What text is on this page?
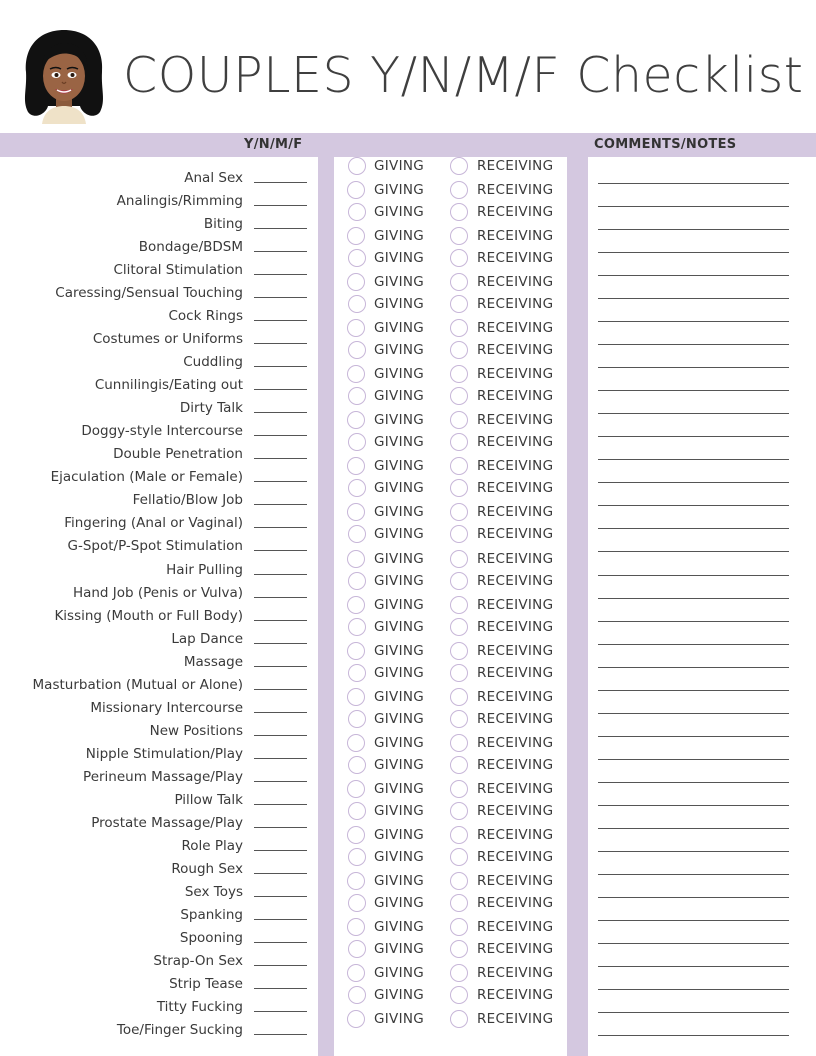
COUPLES Y/N/M/F Checklist
Y/N/M/F	COMMENTS/NOTES
Anal Sex
GIVING	RECEIVING
Analingis/Rimming
GIVING	RECEIVING
Biting
GIVING	RECEIVING
Bondage/BDSM
GIVING	RECEIVING
Clitoral Stimulation
GIVING	RECEIVING
Caressing/Sensual Touching
GIVING	RECEIVING
Cock Rings
GIVING	RECEIVING
Costumes or Uniforms
GIVING	RECEIVING
Cuddling
GIVING	RECEIVING
Cunnilingis/Eating out
GIVING	RECEIVING
Dirty Talk
GIVING	RECEIVING
Doggy-style Intercourse
GIVING	RECEIVING
Double Penetration
GIVING	RECEIVING
Ejaculation (Male or Female)
GIVING	RECEIVING
Fellatio/Blow Job
GIVING	RECEIVING
Fingering (Anal or Vaginal)
GIVING	RECEIVING
G-Spot/P-Spot Stimulation
GIVING	RECEIVING
Hair Pulling
GIVING	RECEIVING
Hand Job (Penis or Vulva)
GIVING	RECEIVING
Kissing (Mouth or Full Body)
GIVING	RECEIVING
Lap Dance
GIVING	RECEIVING
Massage
GIVING	RECEIVING
Masturbation (Mutual or Alone)
GIVING	RECEIVING
Missionary Intercourse
GIVING	RECEIVING
New Positions
GIVING	RECEIVING
Nipple Stimulation/Play
GIVING	RECEIVING
Perineum Massage/Play
GIVING	RECEIVING
Pillow Talk
GIVING	RECEIVING
Prostate Massage/Play
GIVING	RECEIVING
Role Play
GIVING	RECEIVING
Rough Sex
GIVING	RECEIVING
Sex Toys
GIVING	RECEIVING
Spanking
GIVING	RECEIVING
Spooning
GIVING	RECEIVING
Strap-On Sex
GIVING	RECEIVING
Strip Tease
GIVING	RECEIVING
Titty Fucking
GIVING	RECEIVING
Toe/Finger Sucking
GIVING	RECEIVING
